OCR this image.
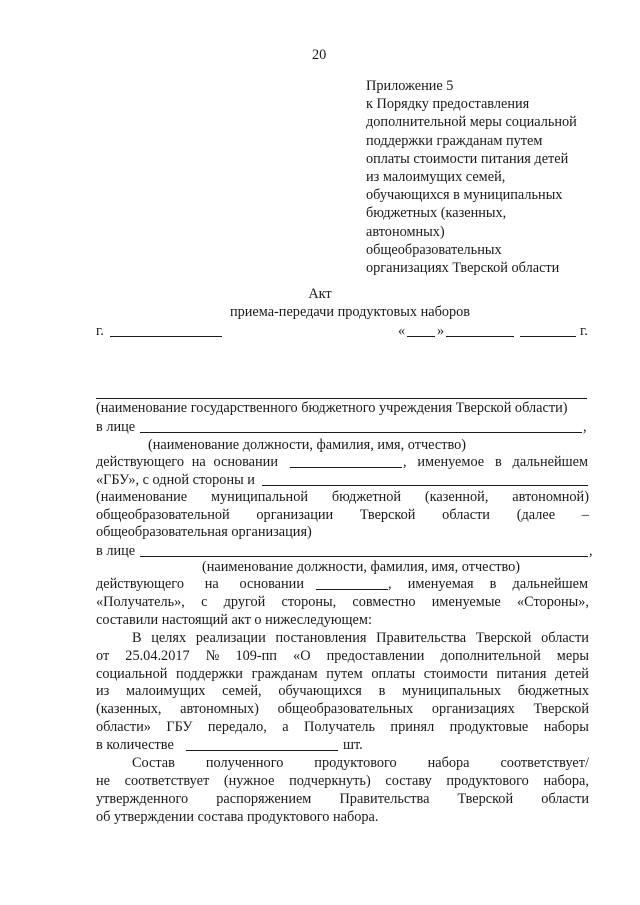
20
Приложение 5
к Порядку предоставления
дополнительной меры социальной
поддержки гражданам путем
оплаты стоимости питания детей
из малоимущих семей,
обучающихся в муниципальных
бюджетных (казенных,
автономных)
общеобразовательных
организациях Тверской области
Акт
приема-передачи продуктовых наборов
г.	« »	г.
(наименование государственного бюджетного учреждения Тверской области)
в лице	,
(наименование должности, фамилия, имя, отчество)
действующего на основании	, именуемое в дальнейшем
«ГБУ», с одной стороны и
(наименование муниципальной бюджетной (казенной, автономной)
общеобразовательной организации Тверской области (далее –
общеобразовательная организация)
в лице	,
(наименование должности, фамилия, имя, отчество)
действующего на основании	, именуемая в дальнейшем
«Получатель», с другой стороны, совместно именуемые «Стороны»,
составили настоящий акт о нижеследующем:
В целях реализации постановления Правительства Тверской области
от 25.04.2017 № 109-пп «О предоставлении дополнительной меры
социальной поддержки гражданам путем оплаты стоимости питания детей
из малоимущих семей, обучающихся в муниципальных бюджетных
(казенных, автономных) общеобразовательных организациях Тверской
области» ГБУ передало, а Получатель принял продуктовые наборы
в количестве	шт.
Состав полученного продуктового набора соответствует/
не соответствует (нужное подчеркнуть) составу продуктового набора,
утвержденного распоряжением Правительства Тверской области
об утверждении состава продуктового набора.
